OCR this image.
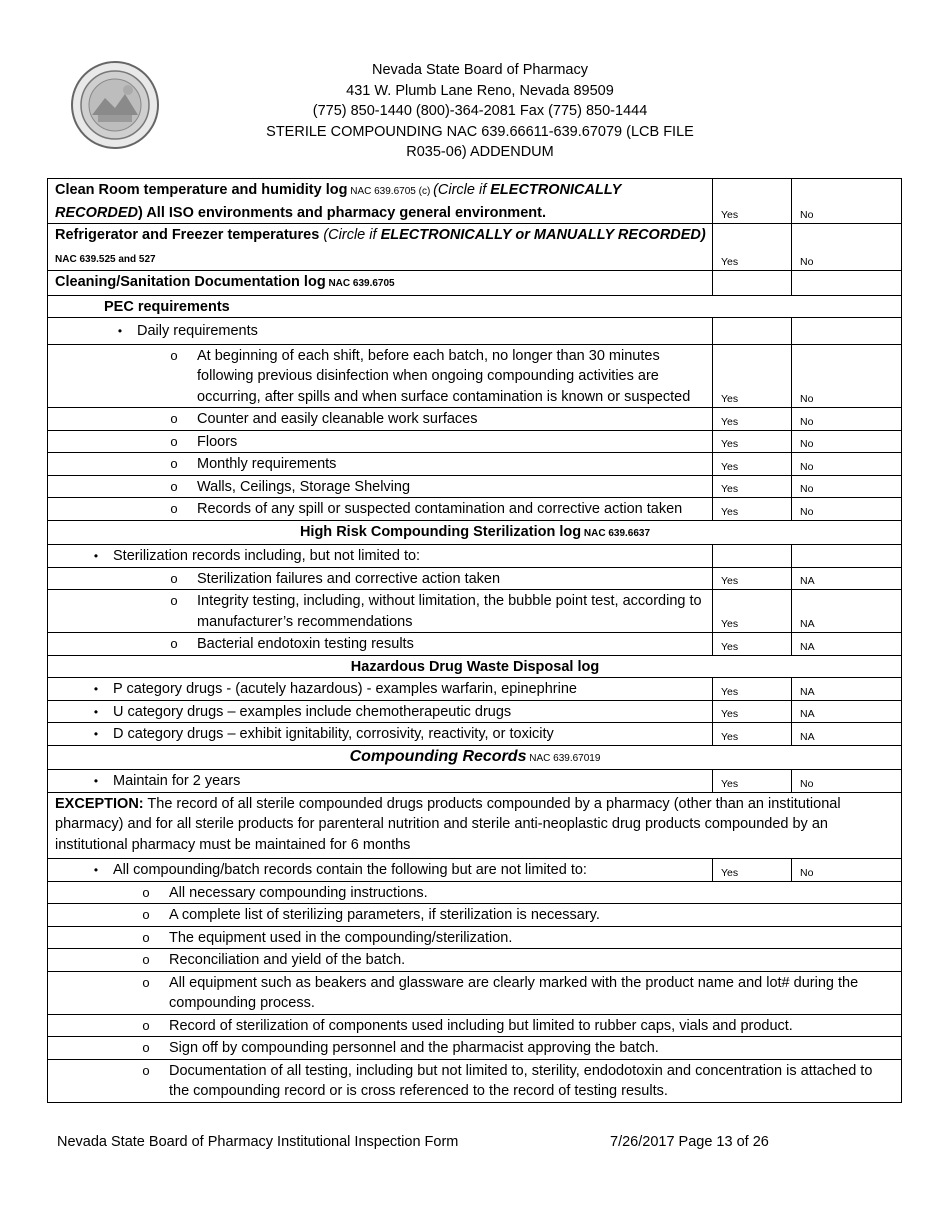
Nevada State Board of Pharmacy
431 W. Plumb Lane Reno, Nevada 89509
(775) 850-1440 (800)-364-2081 Fax (775) 850-1444
STERILE COMPOUNDING NAC 639.66611-639.67079 (LCB FILE
R035-06) ADDENDUM
Clean Room temperature and humidity log NAC 639.6705 (c) (Circle if ELECTRONICALLY RECORDED) All ISO environments and pharmacy general environment.	Yes	No
Refrigerator and Freezer temperatures (Circle if ELECTRONICALLY or MANUALLY RECORDED) NAC 639.525 and 527	Yes	No
Cleaning/Sanitation Documentation log NAC 639.6705		
PEC requirements		

• Daily requirements		

o At beginning of each shift, before each batch, no longer than 30 minutes following previous disinfection when ongoing compounding activities are occurring, after spills and when surface contamination is known or suspected	Yes	No

o Counter and easily cleanable work surfaces	Yes	No

o Floors	Yes	No

o Monthly requirements	Yes	No

o Walls, Ceilings, Storage Shelving	Yes	No

o Records of any spill or suspected contamination and corrective action taken	Yes	No
High Risk Compounding Sterilization log NAC 639.6637		

• Sterilization records including, but not limited to:		

o Sterilization failures and corrective action taken	Yes	NA

o Integrity testing, including, without limitation, the bubble point test, according to manufacturer’s recommendations	Yes	NA

o Bacterial endotoxin testing results	Yes	NA
Hazardous Drug Waste Disposal log		

• P category drugs - (acutely hazardous) - examples warfarin, epinephrine	Yes	NA

• U category drugs – examples include chemotherapeutic drugs	Yes	NA

• D category drugs – exhibit ignitability, corrosivity, reactivity, or toxicity	Yes	NA
Compounding Records NAC 639.67019		

• Maintain for 2 years	Yes	No
EXCEPTION: The record of all sterile compounded drugs products compounded by a pharmacy (other than an institutional pharmacy) and for all sterile products for parenteral nutrition and sterile anti-neoplastic drug products compounded by an institutional pharmacy must be maintained for 6 months		

• All compounding/batch records contain the following but are not limited to:	Yes	No

o All necessary compounding instructions.		

o A complete list of sterilizing parameters, if sterilization is necessary.		

o The equipment used in the compounding/sterilization.		

o Reconciliation and yield of the batch.		

o All equipment such as beakers and glassware are clearly marked with the product name and lot# during the compounding process.		

o Record of sterilization of components used including but limited to rubber caps, vials and product.		

o Sign off by compounding personnel and the pharmacist approving the batch.		

o Documentation of all testing, including but not limited to, sterility, endodotoxin and concentration is attached to the compounding record or is cross referenced to the record of testing results.		
Nevada State Board of Pharmacy Institutional Inspection Form	7/26/2017 Page 13 of 26
